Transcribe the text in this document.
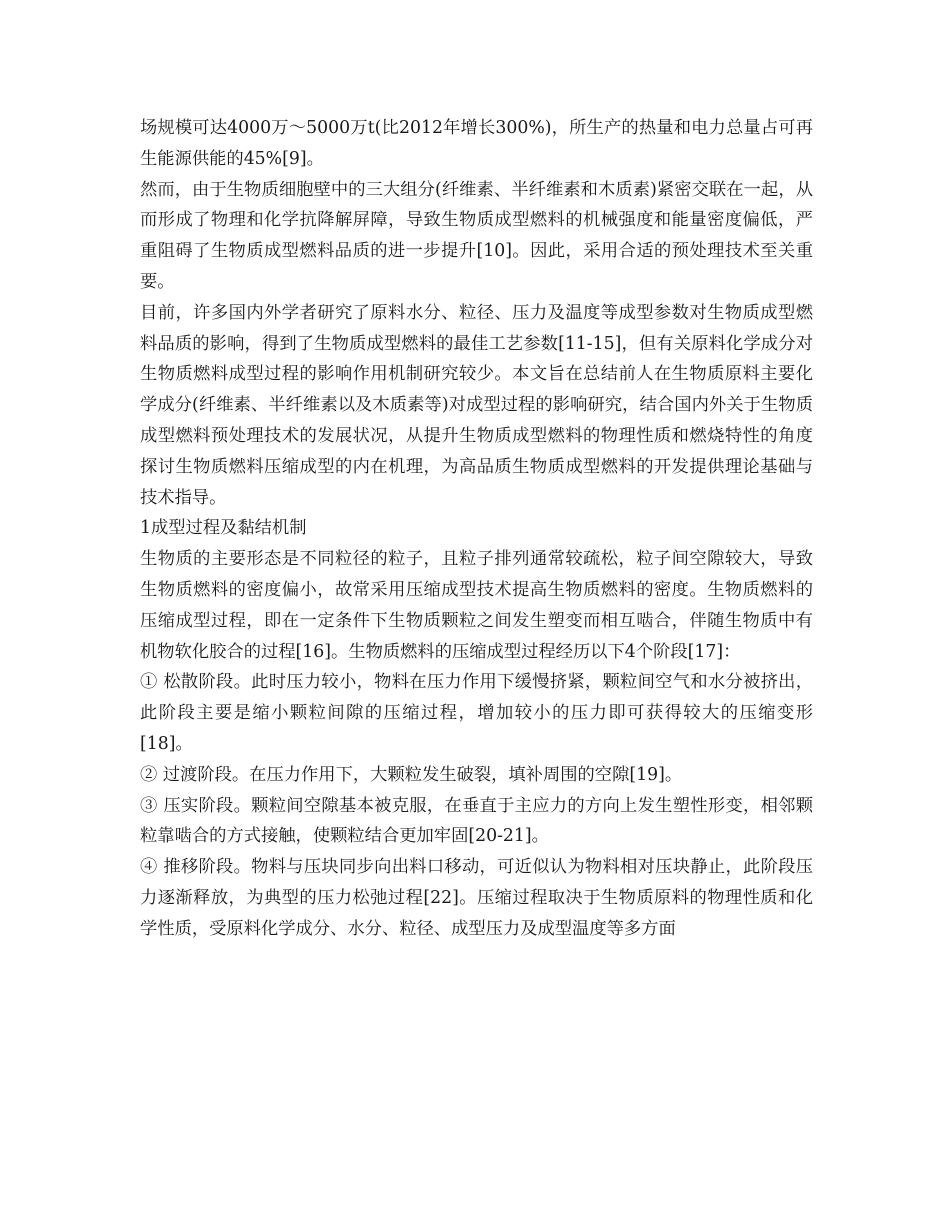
场规模可达4000万～5000万t(比2012年增长300%)，所生产的热量和电力总量占可再生能源供能的45%[9]。

然而，由于生物质细胞壁中的三大组分(纤维素、半纤维素和木质素)紧密交联在一起，从而形成了物理和化学抗降解屏障，导致生物质成型燃料的机械强度和能量密度偏低，严重阻碍了生物质成型燃料品质的进一步提升[10]。因此，采用合适的预处理技术至关重要。

目前，许多国内外学者研究了原料水分、粒径、压力及温度等成型参数对生物质成型燃料品质的影响，得到了生物质成型燃料的最佳工艺参数[11-15]，但有关原料化学成分对生物质燃料成型过程的影响作用机制研究较少。本文旨在总结前人在生物质原料主要化学成分(纤维素、半纤维素以及木质素等)对成型过程的影响研究，结合国内外关于生物质成型燃料预处理技术的发展状况，从提升生物质成型燃料的物理性质和燃烧特性的角度探讨生物质燃料压缩成型的内在机理，为高品质生物质成型燃料的开发提供理论基础与技术指导。

1成型过程及黏结机制

生物质的主要形态是不同粒径的粒子，且粒子排列通常较疏松，粒子间空隙较大，导致生物质燃料的密度偏小，故常采用压缩成型技术提高生物质燃料的密度。生物质燃料的压缩成型过程，即在一定条件下生物质颗粒之间发生塑变而相互啮合，伴随生物质中有机物软化胶合的过程[16]。生物质燃料的压缩成型过程经历以下4个阶段[17]：

① 松散阶段。此时压力较小，物料在压力作用下缓慢挤紧，颗粒间空气和水分被挤出，此阶段主要是缩小颗粒间隙的压缩过程，增加较小的压力即可获得较大的压缩变形[18]。

② 过渡阶段。在压力作用下，大颗粒发生破裂，填补周围的空隙[19]。

③ 压实阶段。颗粒间空隙基本被克服，在垂直于主应力的方向上发生塑性形变，相邻颗粒靠啮合的方式接触，使颗粒结合更加牢固[20-21]。

④ 推移阶段。物料与压块同步向出料口移动，可近似认为物料相对压块静止，此阶段压力逐渐释放，为典型的压力松弛过程[22]。压缩过程取决于生物质原料的物理性质和化学性质，受原料化学成分、水分、粒径、成型压力及成型温度等多方面
